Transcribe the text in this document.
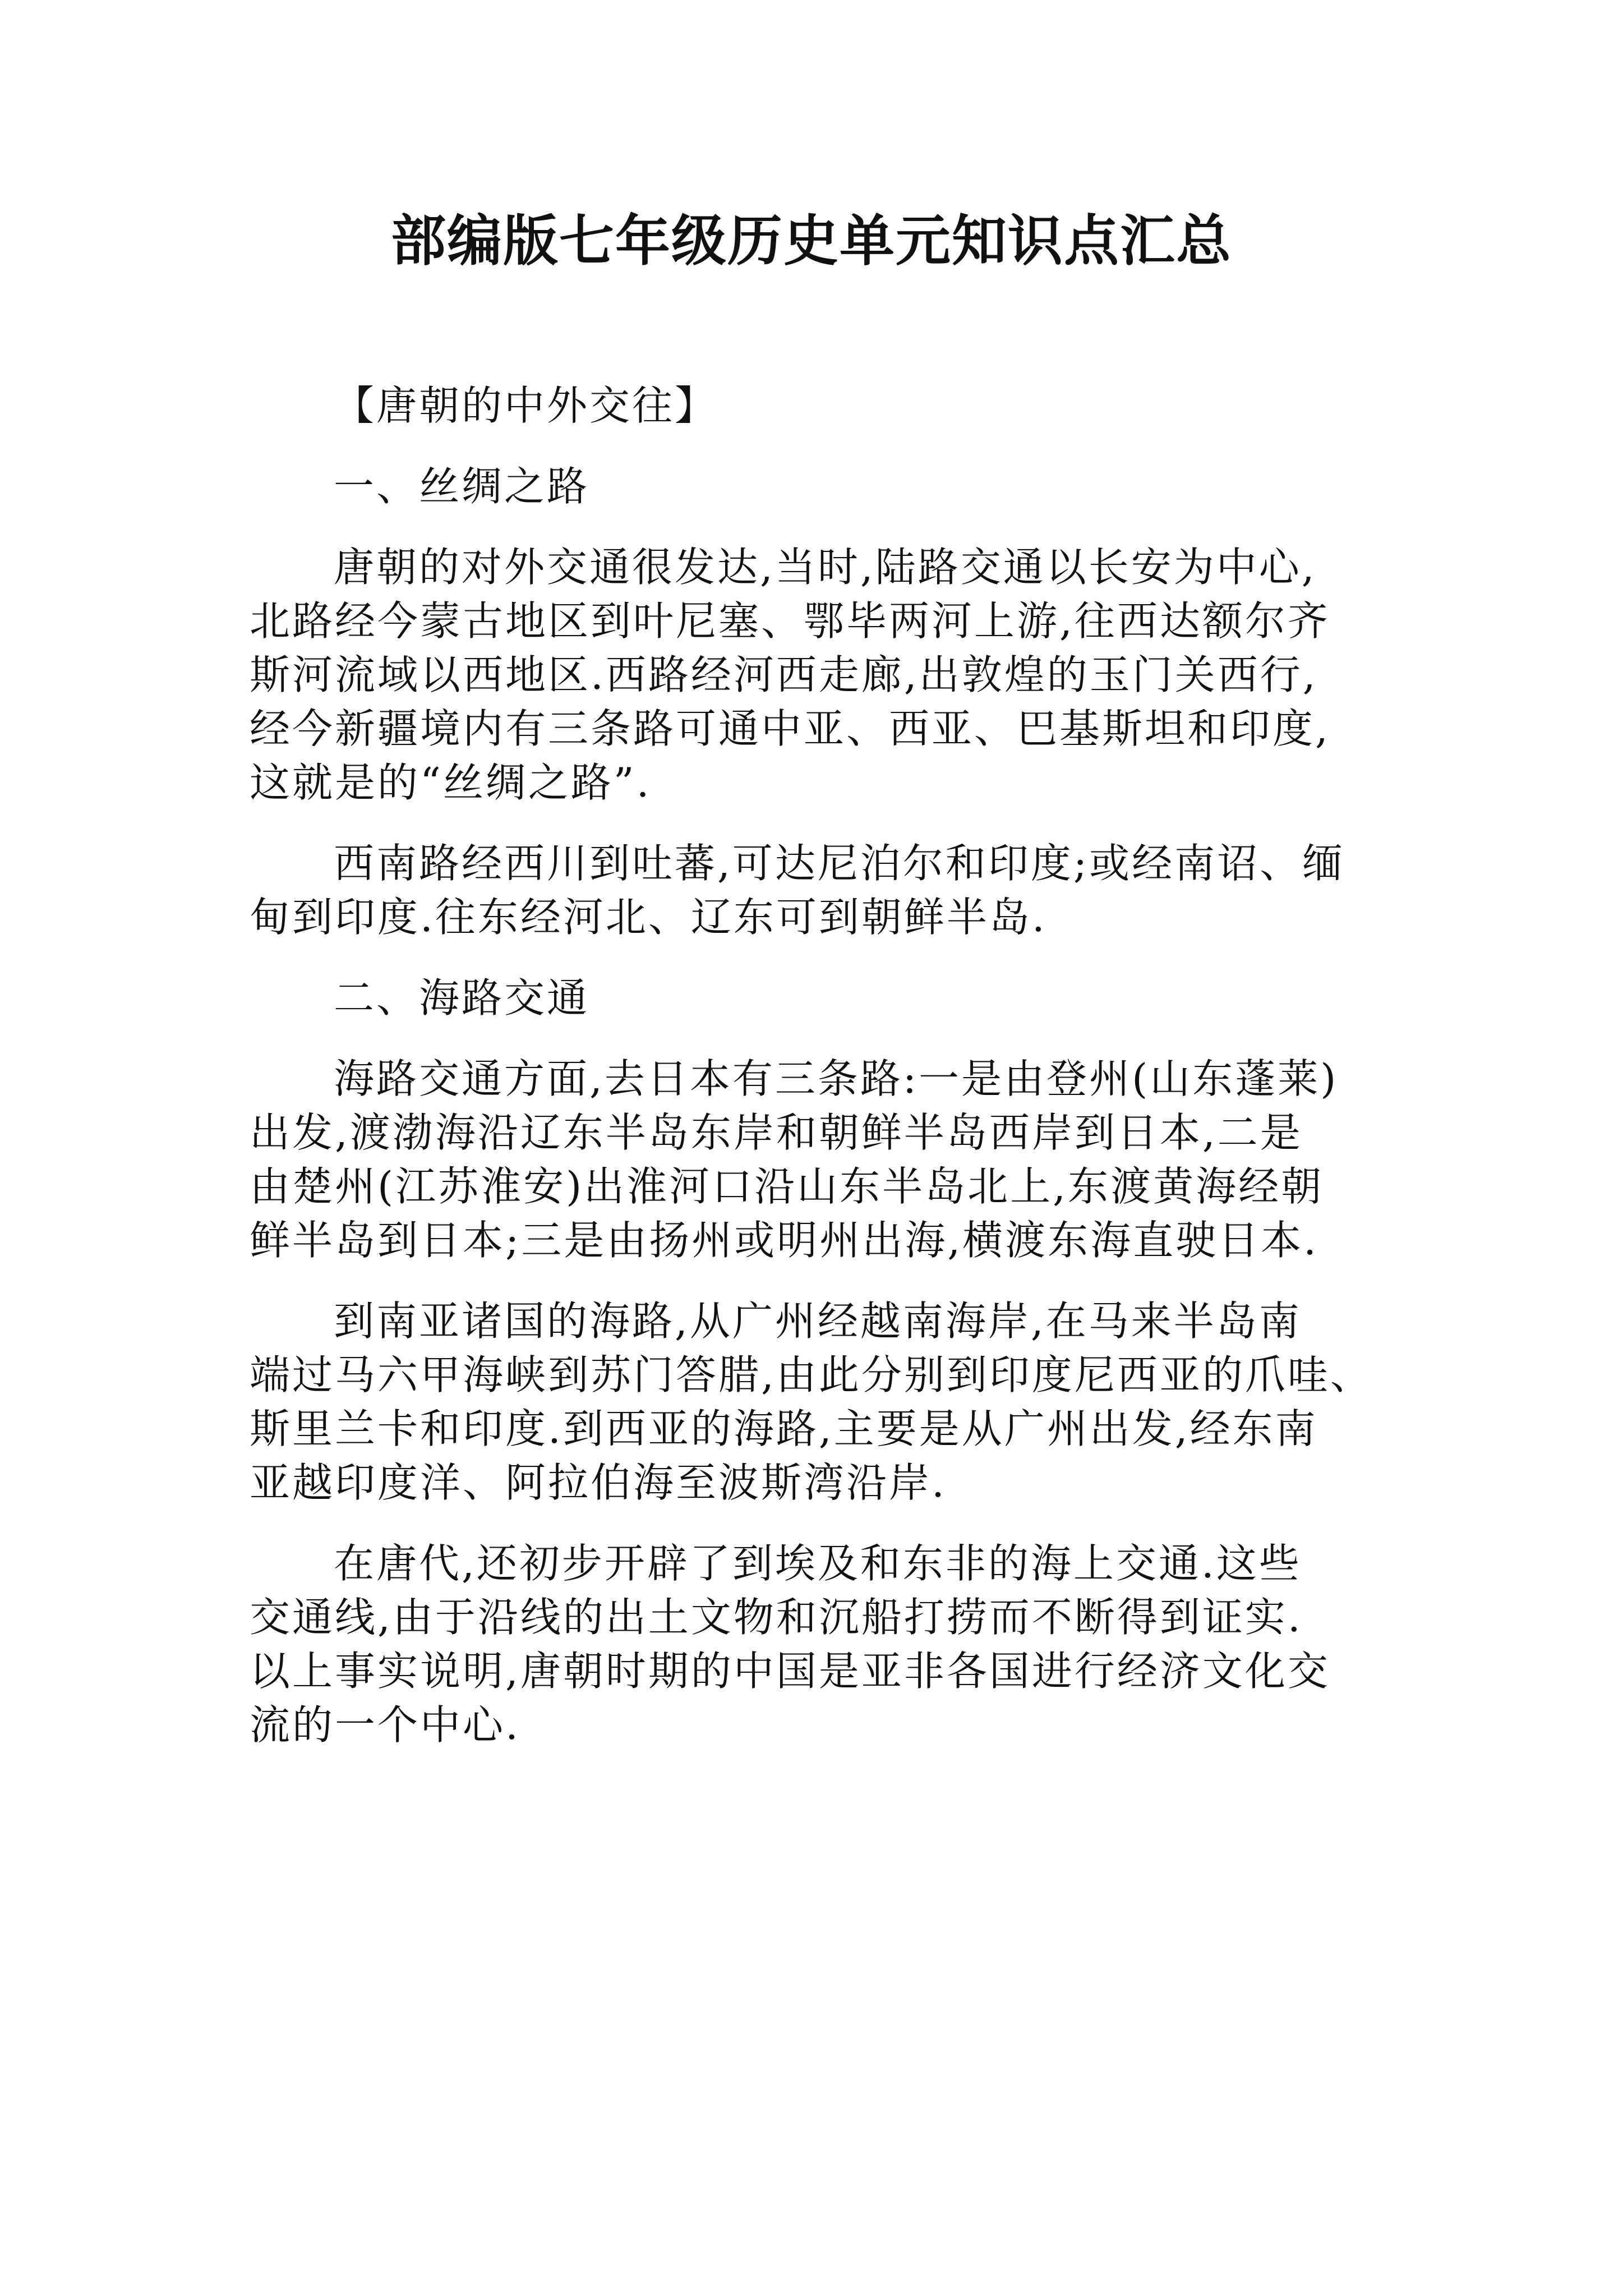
部编版七年级历史单元知识点汇总

【唐朝的中外交往】

一、丝绸之路

唐朝的对外交通很发达,当时,陆路交通以长安为中心,
北路经今蒙古地区到叶尼塞、鄂毕两河上游,往西达额尔齐
斯河流域以西地区.西路经河西走廊,出敦煌的玉门关西行,
经今新疆境内有三条路可通中亚、西亚、巴基斯坦和印度,
这就是的“丝绸之路”.

西南路经西川到吐蕃,可达尼泊尔和印度;或经南诏、缅
甸到印度.往东经河北、辽东可到朝鲜半岛.

二、海路交通

海路交通方面,去日本有三条路:一是由登州(山东蓬莱)
出发,渡渤海沿辽东半岛东岸和朝鲜半岛西岸到日本,二是
由楚州(江苏淮安)出淮河口沿山东半岛北上,东渡黄海经朝
鲜半岛到日本;三是由扬州或明州出海,横渡东海直驶日本.

到南亚诸国的海路,从广州经越南海岸,在马来半岛南
端过马六甲海峡到苏门答腊,由此分别到印度尼西亚的爪哇、
斯里兰卡和印度.到西亚的海路,主要是从广州出发,经东南
亚越印度洋、阿拉伯海至波斯湾沿岸.

在唐代,还初步开辟了到埃及和东非的海上交通.这些
交通线,由于沿线的出土文物和沉船打捞而不断得到证实.
以上事实说明,唐朝时期的中国是亚非各国进行经济文化交
流的一个中心.
